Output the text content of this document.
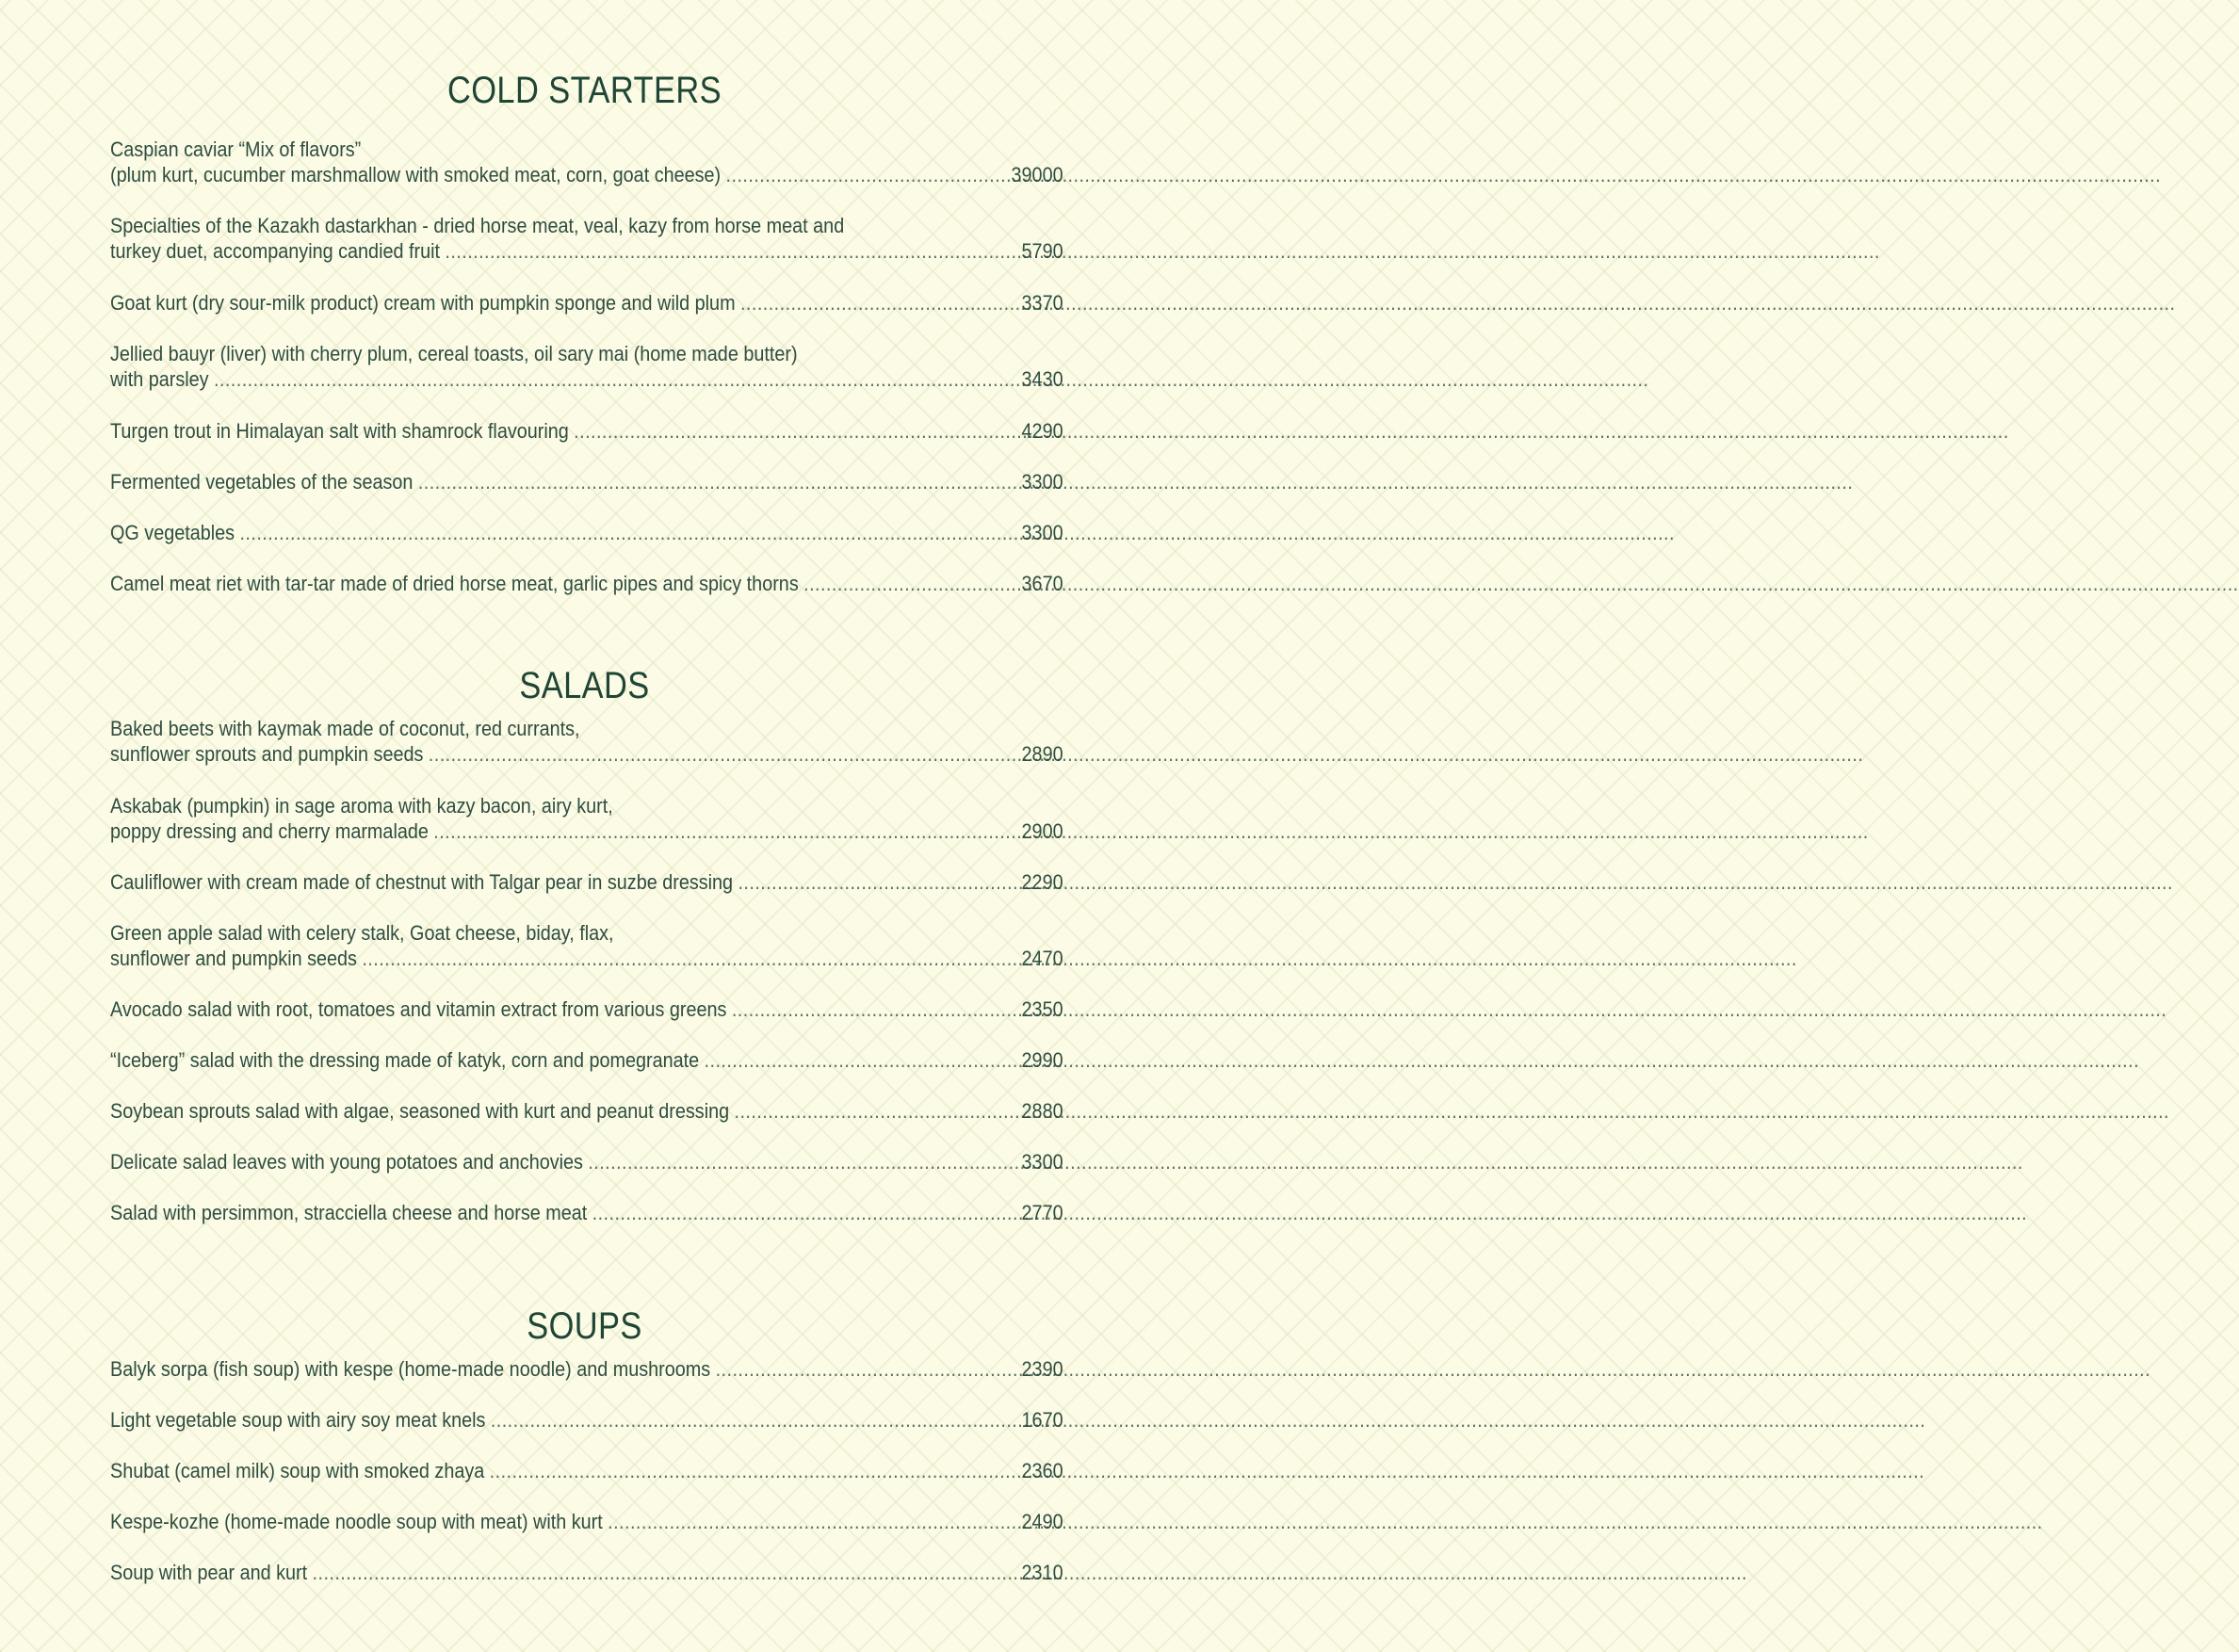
COLD STARTERS
Caspian caviar “Mix of flavors”
(plum kurt, cucumber marshmallow with smoked meat, corn, goat cheese) .....	39000
Specialties of the Kazakh dastarkhan - dried horse meat, veal, kazy from horse meat and
turkey duet, accompanying candied fruit .....	5790
Goat kurt (dry sour-milk product) cream with pumpkin sponge and wild plum .....	3370
Jellied bauyr (liver) with cherry plum, cereal toasts, oil sary mai (home made butter)
with parsley .....	3430
Turgen trout in Himalayan salt with shamrock flavouring .....	4290
Fermented vegetables of the season .....	3300
QG vegetables .....	3300
Camel meat riet with tar-tar made of dried horse meat, garlic pipes and spicy thorns .....	3670
SALADS
Baked beets with kaymak made of coconut, red currants,
sunflower sprouts and pumpkin seeds .....	2890
Askabak (pumpkin) in sage aroma with kazy bacon, airy kurt,
poppy dressing and cherry marmalade .....	2900
Cauliflower with cream made of chestnut with Talgar pear in suzbe dressing .....	2290
Green apple salad with celery stalk, Goat cheese, biday, flax,
sunflower and pumpkin seeds .....	2470
Avocado salad with root, tomatoes and vitamin extract from various greens .....	2350
“Iceberg” salad with the dressing made of katyk, corn and pomegranate .....	2990
Soybean sprouts salad with algae, seasoned with kurt and peanut dressing .....	2880
Delicate salad leaves with young potatoes and anchovies .....	3300
Salad with persimmon, stracciella cheese and horse meat .....	2770
SOUPS
Balyk sorpa (fish soup) with kespe (home-made noodle) and mushrooms .....	2390
Light vegetable soup with airy soy meat knels .....	1670
Shubat (camel milk) soup with smoked zhaya .....	2360
Kespe-kozhe (home-made noodle soup with meat) with kurt .....	2490
Soup with pear and kurt .....	2310
